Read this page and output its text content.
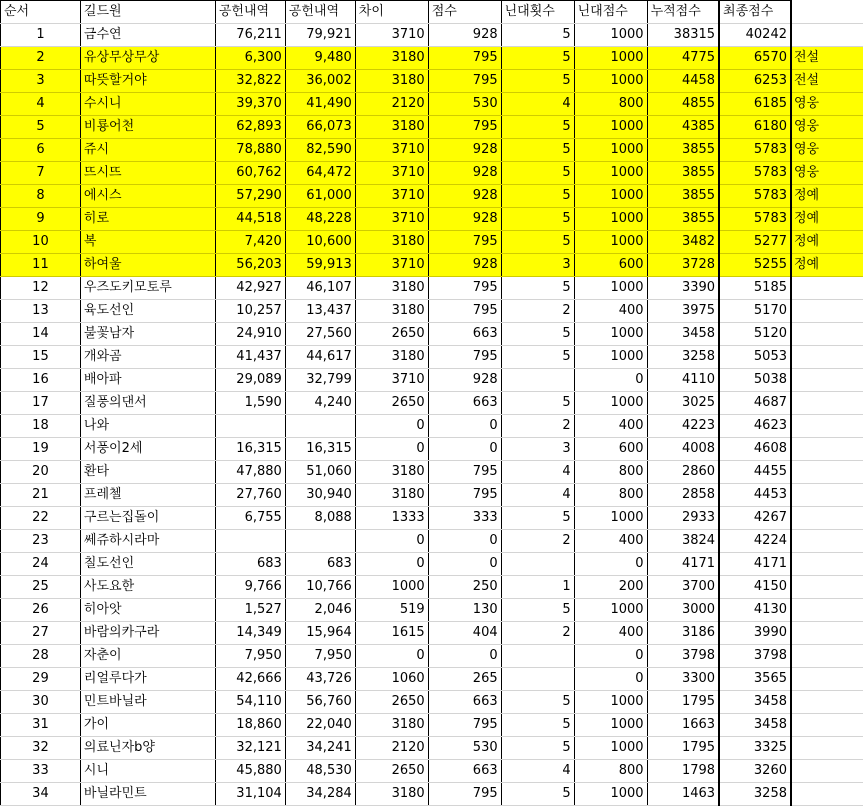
순서	길드원	공헌내역	공헌내역	차이	점수	닌대횟수	닌대점수	누적점수	최종점수	
1	금수연	76,211	79,921	3710	928	5	1000	38315	40242	
2	유상무상무상	6,300	9,480	3180	795	5	1000	4775	6570	전설
3	따뜻할거야	32,822	36,002	3180	795	5	1000	4458	6253	전설
4	수시니	39,370	41,490	2120	530	4	800	4855	6185	영웅
5	비룡어천	62,893	66,073	3180	795	5	1000	4385	6180	영웅
6	쥬시	78,880	82,590	3710	928	5	1000	3855	5783	영웅
7	뜨시뜨	60,762	64,472	3710	928	5	1000	3855	5783	영웅
8	에시스	57,290	61,000	3710	928	5	1000	3855	5783	정예
9	히로	44,518	48,228	3710	928	5	1000	3855	5783	정예
10	복	7,420	10,600	3180	795	5	1000	3482	5277	정예
11	하여울	56,203	59,913	3710	928	3	600	3728	5255	정예
12	우즈도키모토루	42,927	46,107	3180	795	5	1000	3390	5185	
13	육도선인	10,257	13,437	3180	795	2	400	3975	5170	
14	불꽃남자	24,910	27,560	2650	663	5	1000	3458	5120	
15	개와곰	41,437	44,617	3180	795	5	1000	3258	5053	
16	배아파	29,089	32,799	3710	928		0	4110	5038	
17	질풍의댄서	1,590	4,240	2650	663	5	1000	3025	4687	
18	나와			0	0	2	400	4223	4623	
19	서풍이2세	16,315	16,315	0	0	3	600	4008	4608	
20	환타	47,880	51,060	3180	795	4	800	2860	4455	
21	프레첼	27,760	30,940	3180	795	4	800	2858	4453	
22	구르는집돌이	6,755	8,088	1333	333	5	1000	2933	4267	
23	쎄쥬하시라마			0	0	2	400	3824	4224	
24	칠도선인	683	683	0	0		0	4171	4171	
25	사도요한	9,766	10,766	1000	250	1	200	3700	4150	
26	히아앗	1,527	2,046	519	130	5	1000	3000	4130	
27	바람의카구라	14,349	15,964	1615	404	2	400	3186	3990	
28	자춘이	7,950	7,950	0	0		0	3798	3798	
29	리얼루다가	42,666	43,726	1060	265		0	3300	3565	
30	민트바닐라	54,110	56,760	2650	663	5	1000	1795	3458	
31	가이	18,860	22,040	3180	795	5	1000	1663	3458	
32	의료닌자b양	32,121	34,241	2120	530	5	1000	1795	3325	
33	시니	45,880	48,530	2650	663	4	800	1798	3260	
34	바닐라민트	31,104	34,284	3180	795	5	1000	1463	3258	
